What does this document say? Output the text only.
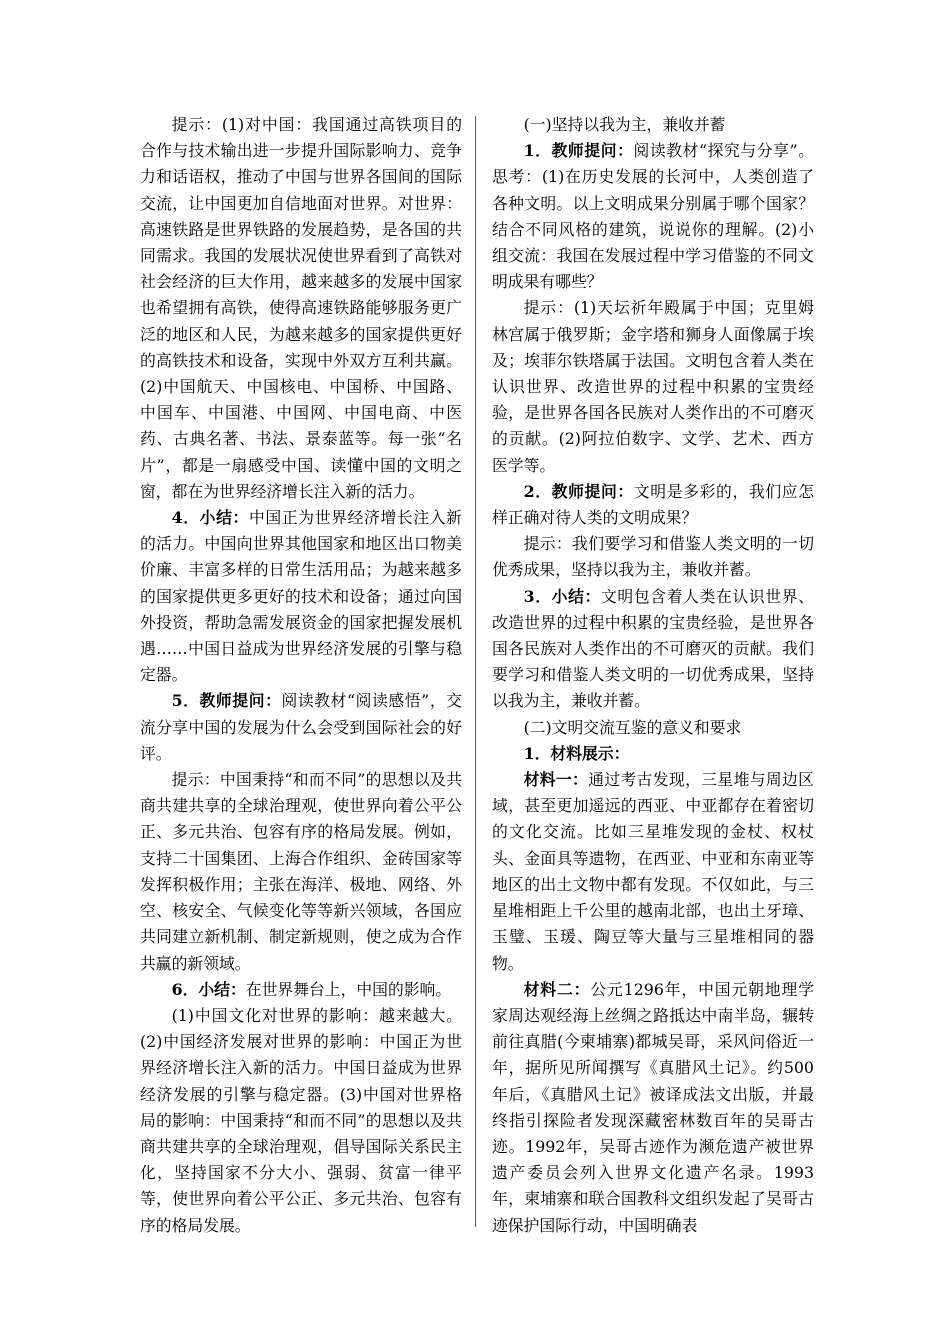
提示：(1)对中国：我国通过高铁项目的合作与技术输出进一步提升国际影响力、竞争力和话语权，推动了中国与世界各国间的国际交流，让中国更加自信地面对世界。对世界：高速铁路是世界铁路的发展趋势，是各国的共同需求。我国的发展状况使世界看到了高铁对社会经济的巨大作用，越来越多的发展中国家也希望拥有高铁，使得高速铁路能够服务更广泛的地区和人民，为越来越多的国家提供更好的高铁技术和设备，实现中外双方互利共赢。(2)中国航天、中国核电、中国桥、中国路、中国车、中国港、中国网、中国电商、中医药、古典名著、书法、景泰蓝等。每一张“名片”，都是一扇感受中国、读懂中国的文明之窗，都在为世界经济增长注入新的活力。

4．小结：中国正为世界经济增长注入新的活力。中国向世界其他国家和地区出口物美价廉、丰富多样的日常生活用品；为越来越多的国家提供更多更好的技术和设备；通过向国外投资，帮助急需发展资金的国家把握发展机遇……中国日益成为世界经济发展的引擎与稳定器。

5．教师提问：阅读教材“阅读感悟”，交流分享中国的发展为什么会受到国际社会的好评。

提示：中国秉持“和而不同”的思想以及共商共建共享的全球治理观，使世界向着公平公正、多元共治、包容有序的格局发展。例如，支持二十国集团、上海合作组织、金砖国家等发挥积极作用；主张在海洋、极地、网络、外空、核安全、气候变化等等新兴领域，各国应共同建立新机制、制定新规则，使之成为合作共赢的新领域。

6．小结：在世界舞台上，中国的影响。

(1)中国文化对世界的影响：越来越大。(2)中国经济发展对世界的影响：中国正为世界经济增长注入新的活力。中国日益成为世界经济发展的引擎与稳定器。(3)中国对世界格局的影响：中国秉持“和而不同”的思想以及共商共建共享的全球治理观，倡导国际关系民主化，坚持国家不分大小、强弱、贫富一律平等，使世界向着公平公正、多元共治、包容有序的格局发展。

(一)坚持以我为主，兼收并蓄

1．教师提问：阅读教材“探究与分享”。思考：(1)在历史发展的长河中，人类创造了各种文明。以上文明成果分别属于哪个国家？结合不同风格的建筑，说说你的理解。(2)小组交流：我国在发展过程中学习借鉴的不同文明成果有哪些？

提示：(1)天坛祈年殿属于中国；克里姆林宫属于俄罗斯；金字塔和狮身人面像属于埃及；埃菲尔铁塔属于法国。文明包含着人类在认识世界、改造世界的过程中积累的宝贵经验，是世界各国各民族对人类作出的不可磨灭的贡献。(2)阿拉伯数字、文学、艺术、西方医学等。

2．教师提问：文明是多彩的，我们应怎样正确对待人类的文明成果？

提示：我们要学习和借鉴人类文明的一切优秀成果，坚持以我为主，兼收并蓄。

3．小结：文明包含着人类在认识世界、改造世界的过程中积累的宝贵经验，是世界各国各民族对人类作出的不可磨灭的贡献。我们要学习和借鉴人类文明的一切优秀成果，坚持以我为主，兼收并蓄。

(二)文明交流互鉴的意义和要求

1．材料展示：

材料一：通过考古发现，三星堆与周边区域，甚至更加遥远的西亚、中亚都存在着密切的文化交流。比如三星堆发现的金杖、权杖头、金面具等遗物，在西亚、中亚和东南亚等地区的出土文物中都有发现。不仅如此，与三星堆相距上千公里的越南北部，也出土牙璋、玉璧、玉瑗、陶豆等大量与三星堆相同的器物。

材料二：公元1296年，中国元朝地理学家周达观经海上丝绸之路抵达中南半岛，辗转前往真腊(今柬埔寨)都城吴哥，采风问俗近一年，据所见所闻撰写《真腊风土记》。约500年后，《真腊风土记》被译成法文出版，并最终指引探险者发现深藏密林数百年的吴哥古迹。1992年，吴哥古迹作为濒危遗产被世界遗产委员会列入世界文化遗产名录。1993年，柬埔寨和联合国教科文组织发起了吴哥古迹保护国际行动，中国明确表
